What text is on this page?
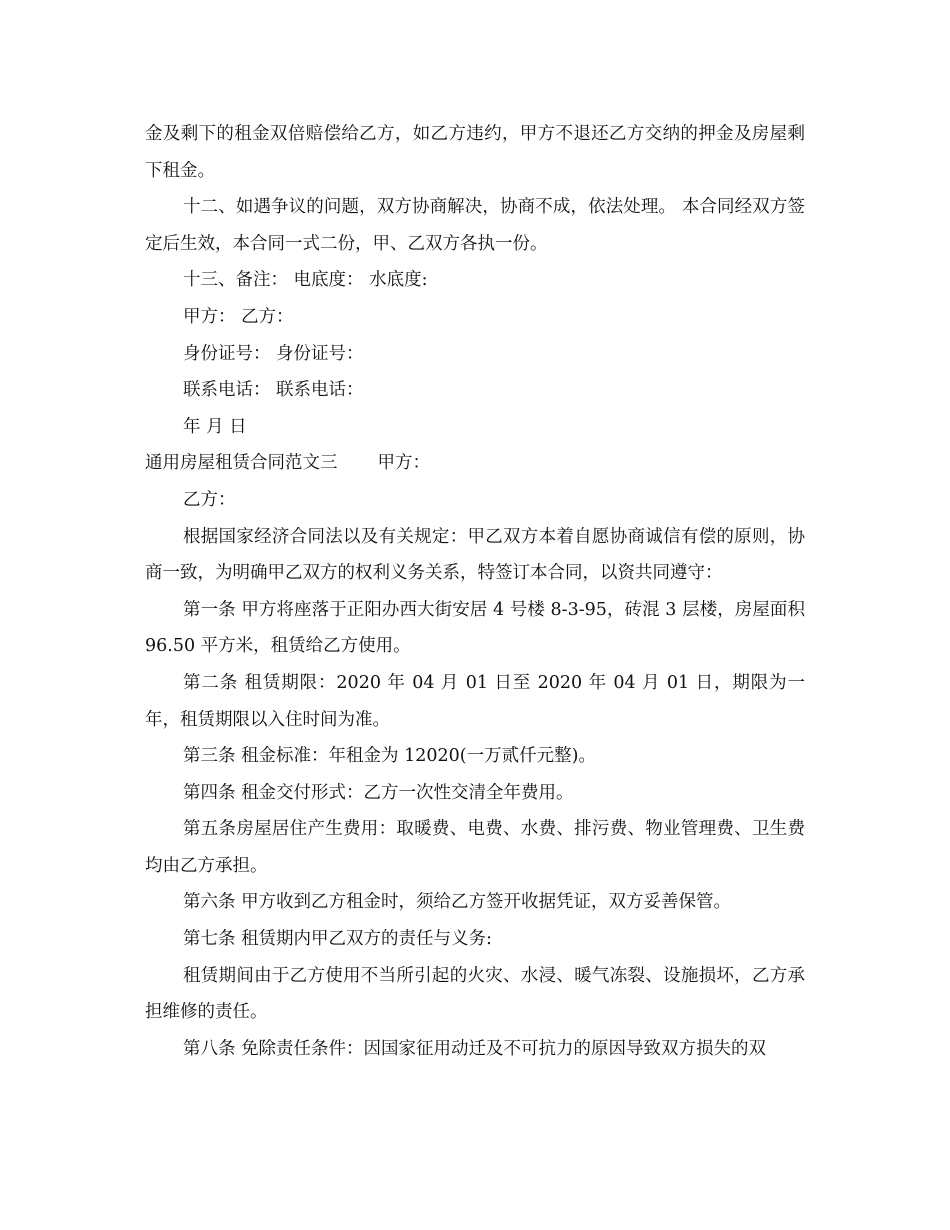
金及剩下的租金双倍赔偿给乙方，如乙方违约，甲方不退还乙方交纳的押金及房屋剩下租金。

十二、如遇争议的问题，双方协商解决，协商不成，依法处理。 本合同经双方签定后生效，本合同一式二份，甲、乙双方各执一份。

十三、备注： 电底度： 水底度:

甲方： 乙方：

身份证号： 身份证号：

联系电话： 联系电话：

年 月 日

通用房屋租赁合同范文三 甲方：

乙方：

根据国家经济合同法以及有关规定：甲乙双方本着自愿协商诚信有偿的原则，协商一致，为明确甲乙双方的权利义务关系，特签订本合同，以资共同遵守：

第一条 甲方将座落于正阳办西大街安居 4 号楼 8-3-95，砖混 3 层楼，房屋面积 96.50 平方米，租赁给乙方使用。

第二条 租赁期限：2020 年 04 月 01 日至 2020 年 04 月 01 日，期限为一年，租赁期限以入住时间为准。

第三条 租金标准：年租金为 12020(一万贰仟元整)。

第四条 租金交付形式：乙方一次性交清全年费用。

第五条房屋居住产生费用：取暖费、电费、水费、排污费、物业管理费、卫生费均由乙方承担。

第六条 甲方收到乙方租金时，须给乙方签开收据凭证，双方妥善保管。

第七条 租赁期内甲乙双方的责任与义务:

租赁期间由于乙方使用不当所引起的火灾、水浸、暖气冻裂、设施损坏，乙方承担维修的责任。

第八条 免除责任条件：因国家征用动迁及不可抗力的原因导致双方损失的双
